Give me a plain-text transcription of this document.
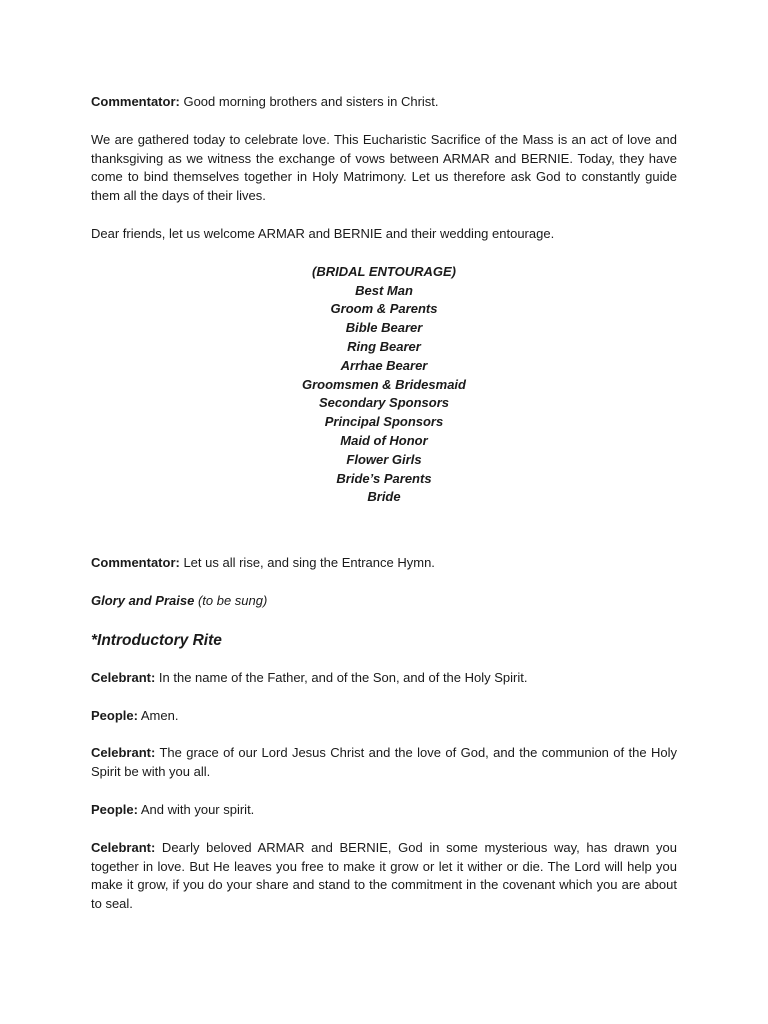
Commentator: Good morning brothers and sisters in Christ.

We are gathered today to celebrate love. This Eucharistic Sacrifice of the Mass is an act of love and thanksgiving as we witness the exchange of vows between ARMAR and BERNIE. Today, they have come to bind themselves together in Holy Matrimony. Let us therefore ask God to constantly guide them all the days of their lives.

Dear friends, let us welcome ARMAR and BERNIE and their wedding entourage.

(BRIDAL ENTOURAGE)
Best Man
Groom & Parents
Bible Bearer
Ring Bearer
Arrhae Bearer
Groomsmen & Bridesmaid
Secondary Sponsors
Principal Sponsors
Maid of Honor
Flower Girls
Bride’s Parents
Bride

Commentator: Let us all rise, and sing the Entrance Hymn.

Glory and Praise (to be sung)

*Introductory Rite

Celebrant: In the name of the Father, and of the Son, and of the Holy Spirit.

People: Amen.

Celebrant: The grace of our Lord Jesus Christ and the love of God, and the communion of the Holy Spirit be with you all.

People: And with your spirit.

Celebrant: Dearly beloved ARMAR and BERNIE, God in some mysterious way, has drawn you together in love. But He leaves you free to make it grow or let it wither or die. The Lord will help you make it grow, if you do your share and stand to the commitment in the covenant which you are about to seal.
